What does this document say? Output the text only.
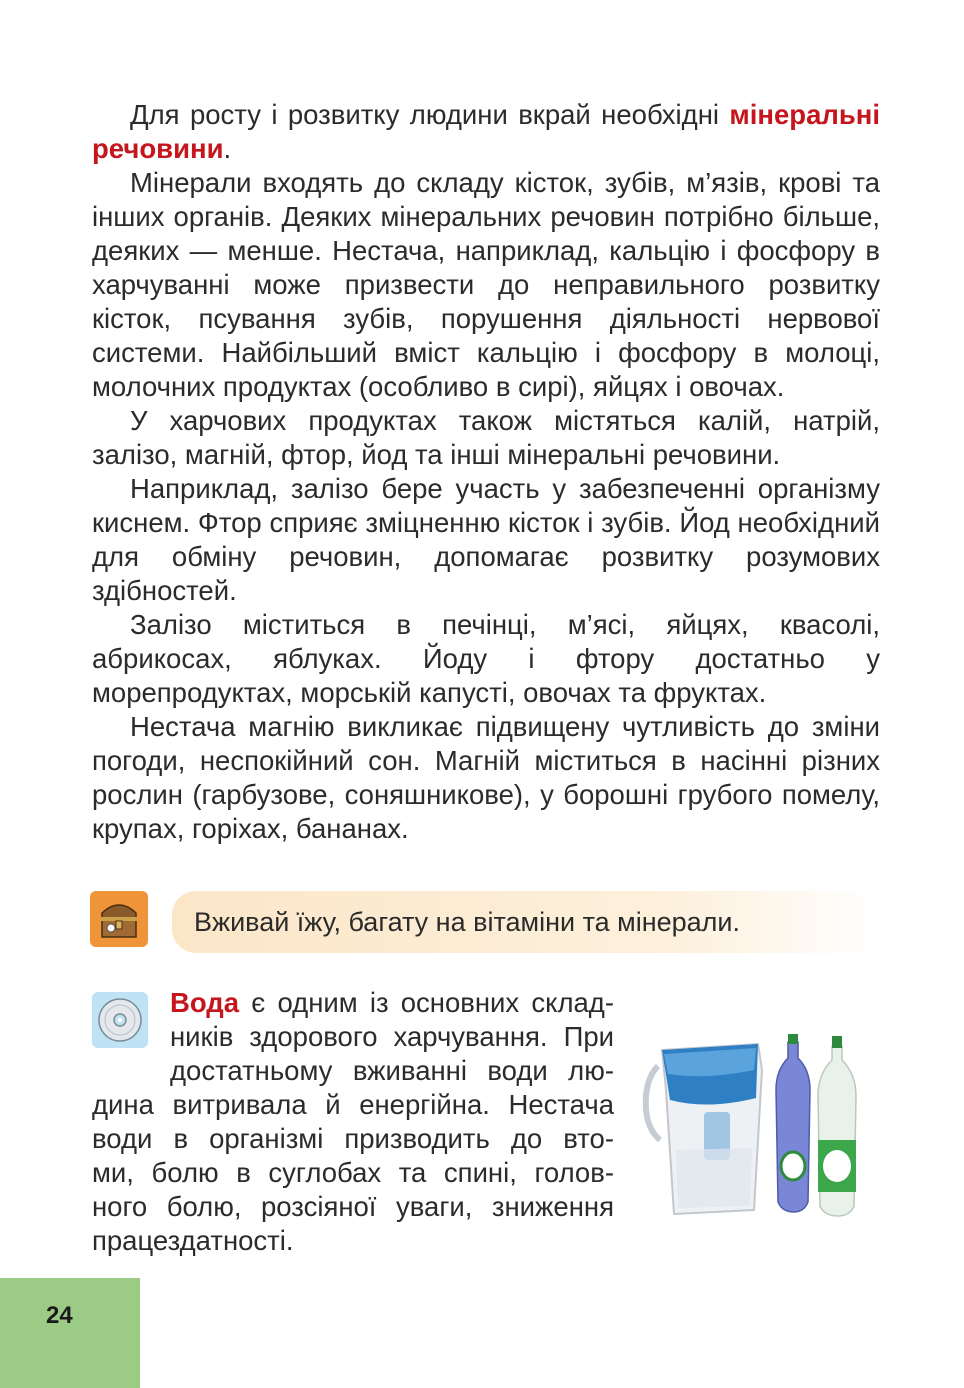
Для росту і розвитку людини вкрай необхідні мінеральні речовини.

Мінерали входять до складу кісток, зубів, м’язів, крові та інших органів. Деяких мінеральних речовин потрібно більше, деяких — менше. Нестача, наприклад, кальцію і фосфору в харчуванні може призвести до неправильного розвитку кісток, псування зубів, порушення діяльності нервової системи. Найбільший вміст кальцію і фосфору в молоці, молочних продуктах (особливо в сирі), яйцях і овочах.

У харчових продуктах також містяться калій, натрій, залізо, магній, фтор, йод та інші мінеральні речовини.

Наприклад, залізо бере участь у забезпеченні організму киснем. Фтор сприяє зміцненню кісток і зубів. Йод необхідний для обміну речовин, допомагає розвитку розумових здібностей.

Залізо міститься в печінці, м’ясі, яйцях, квасолі, абрикосах, яблуках. Йоду і фтору достатньо у морепродуктах, морській капусті, овочах та фруктах.

Нестача магнію викликає підвищену чутливість до зміни погоди, неспокійний сон. Магній міститься в насінні різних рослин (гарбузове, соняшникове), у борошні грубого помелу, крупах, горіхах, бананах.

Вживай їжу, багату на вітаміни та мінерали.
Вода є одним із основних склад-
ників здорового харчування. При
достатньому вживанні води лю-
дина витривала й енергійна. Нестача
води в організмі призводить до вто-
ми, болю в суглобах та спині, голов-
ного болю, розсіяної уваги, зниження
працездатності.
24
